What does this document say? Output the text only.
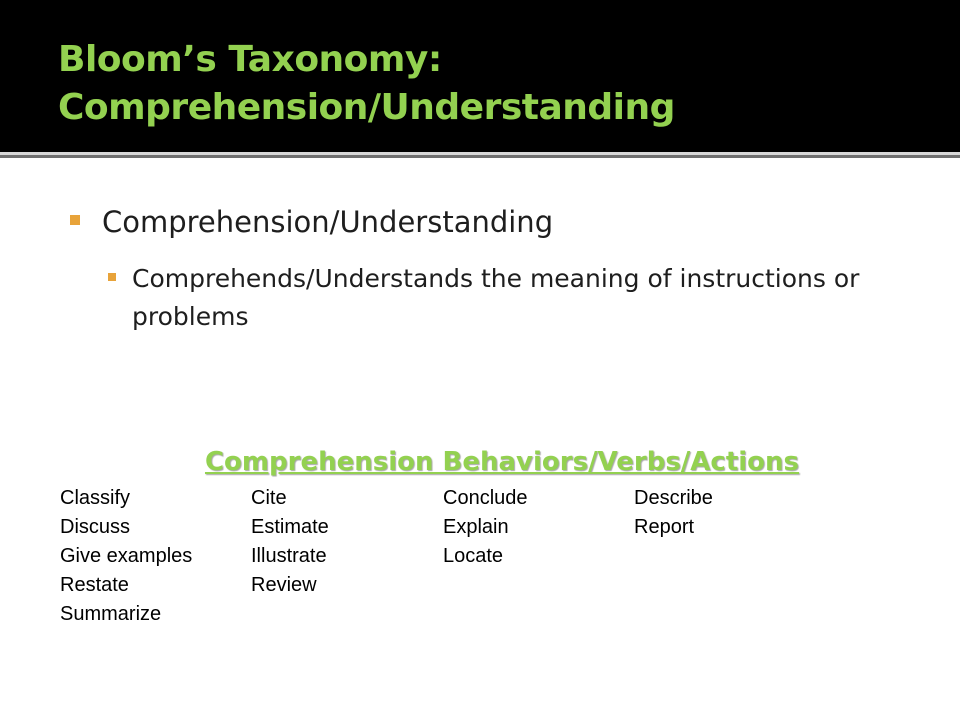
Bloom’s Taxonomy:
Comprehension/Understanding
Comprehension/Understanding
Comprehends/Understands the meaning of instructions or problems
Comprehension Behaviors/Verbs/Actions
Classify	Cite	Conclude	Describe
Discuss	Estimate	Explain	Report
Give examples	Illustrate	Locate
Restate	Review
Summarize
